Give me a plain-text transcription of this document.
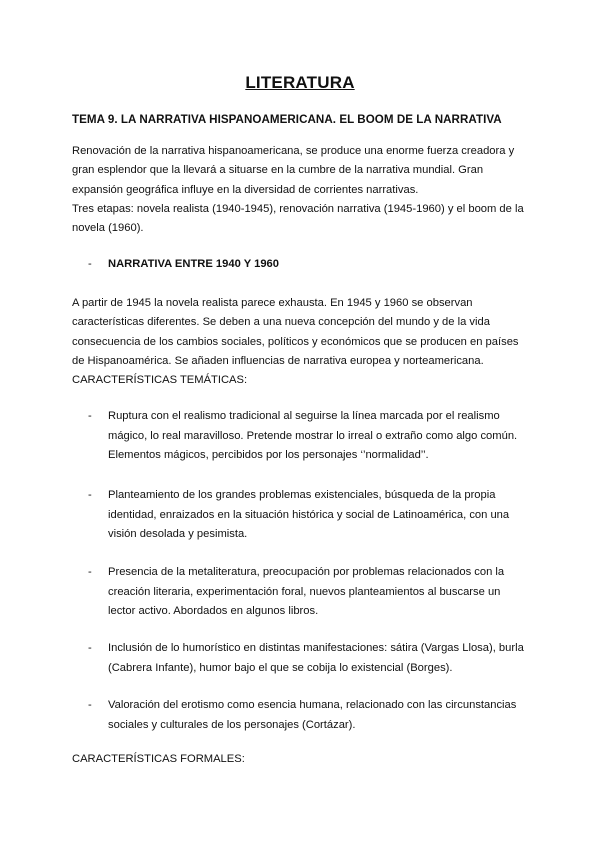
LITERATURA
TEMA 9. LA NARRATIVA HISPANOAMERICANA. EL BOOM DE LA NARRATIVA

Renovación de la narrativa hispanoamericana, se produce una enorme fuerza creadora y gran esplendor que la llevará a situarse en la cumbre de la narrativa mundial. Gran expansión geográfica influye en la diversidad de corrientes narrativas.

Tres etapas: novela realista (1940-1945), renovación narrativa (1945-1960) y el boom de la novela (1960).

-	NARRATIVA ENTRE 1940 Y 1960

A partir de 1945 la novela realista parece exhausta. En 1945 y 1960 se observan características diferentes. Se deben a una nueva concepción del mundo y de la vida consecuencia de los cambios sociales, políticos y económicos que se producen en países de Hispanoamérica. Se añaden influencias de narrativa europea y norteamericana.

CARACTERÍSTICAS TEMÁTICAS:

- Ruptura con el realismo tradicional al seguirse la línea marcada por el realismo mágico, lo real maravilloso. Pretende mostrar lo irreal o extraño como algo común. Elementos mágicos, percibidos por los personajes ‘’normalidad’’.
- Planteamiento de los grandes problemas existenciales, búsqueda de la propia identidad, enraizados en la situación histórica y social de Latinoamérica, con una visión desolada y pesimista.
- Presencia de la metaliteratura, preocupación por problemas relacionados con la creación literaria, experimentación foral, nuevos planteamientos al buscarse un lector activo. Abordados en algunos libros.
- Inclusión de lo humorístico en distintas manifestaciones: sátira (Vargas Llosa), burla (Cabrera Infante), humor bajo el que se cobija lo existencial (Borges).
- Valoración del erotismo como esencia humana, relacionado con las circunstancias sociales y culturales de los personajes (Cortázar).
CARACTERÍSTICAS FORMALES:
